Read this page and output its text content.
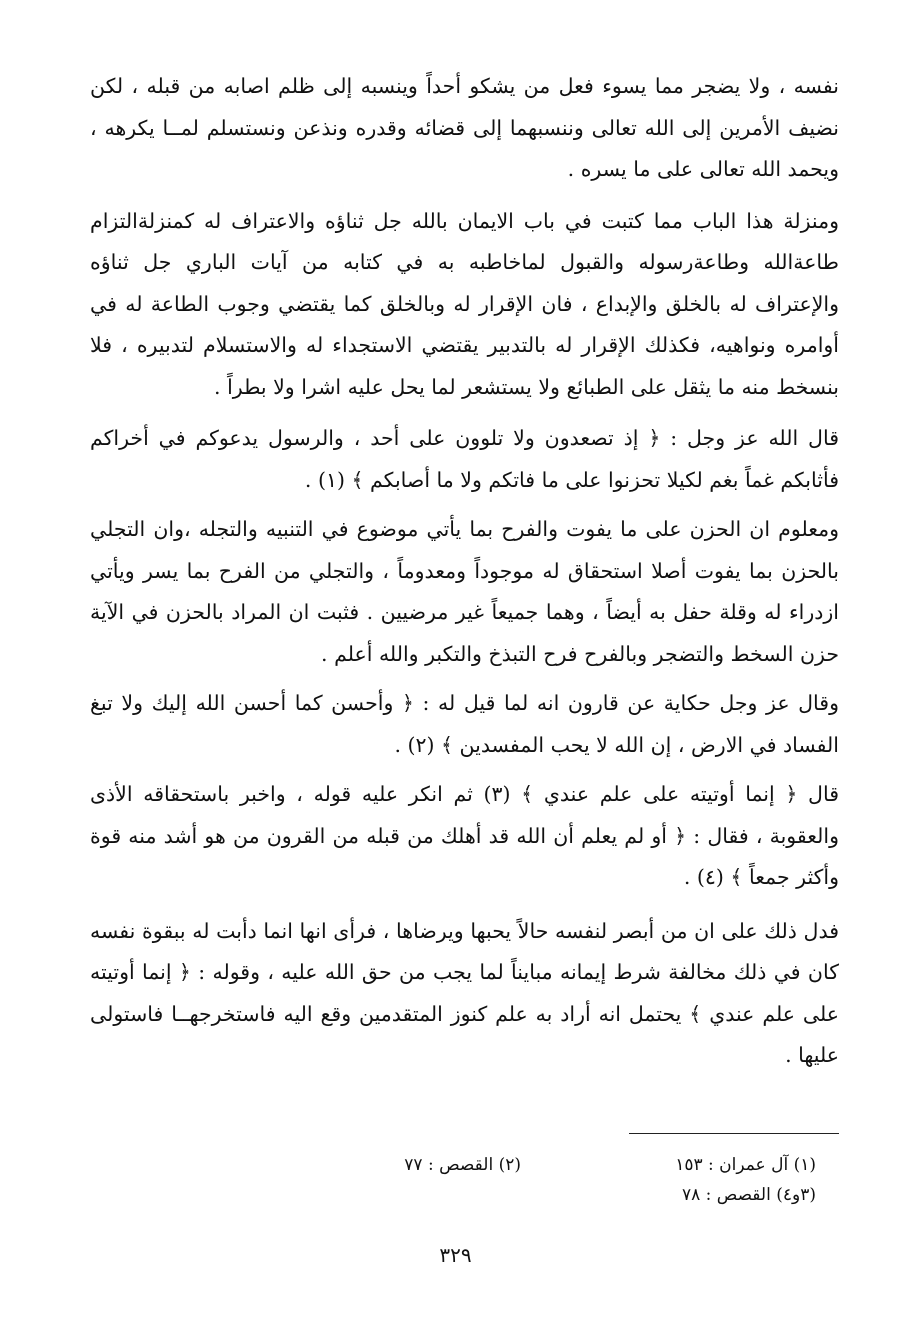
نفسه ، ولا يضجر مما يسوء فعل من يشكو أحداً وينسبه إلى ظلم اصابه من قبله ، لكن نضيف الأمرين إلى الله تعالى وننسبهما إلى قضائه وقدره ونذعن ونستسلم لمــا يكرهه ، ويحمد الله تعالى على ما يسره .

ومنزلة هذا الباب مما كتبت في باب الايمان بالله جل ثناؤه والاعتراف له كمنزلةالتزام طاعةالله وطاعةرسوله والقبول لماخاطبه به في كتابه من آيات الباري جل ثناؤه والإعتراف له بالخلق والإبداع ، فان الإقرار له وبالخلق كما يقتضي وجوب الطاعة له في أوامره ونواهيه، فكذلك الإقرار له بالتدبير يقتضي الاستجداء له والاستسلام لتدبيره ، فلا بنسخط منه ما يثقل على الطبائع ولا يستشعر لما يحل عليه اشرا ولا بطراً .

قال الله عز وجل : ﴿ إذ تصعدون ولا تلوون على أحد ، والرسول يدعوكم في أخراكم فأثابكم غماً بغم لكيلا تحزنوا على ما فاتكم ولا ما أصابكم ﴾ (١) .

ومعلوم ان الحزن على ما يفوت والفرح بما يأتي موضوع في التنبيه والتجله ،وان التجلي بالحزن بما يفوت أصلا استحقاق له موجوداً ومعدوماً ، والتجلي من الفرح بما يسر ويأتي ازدراء له وقلة حفل به أيضاً ، وهما جميعاً غير مرضيين . فثبت ان المراد بالحزن في الآية حزن السخط والتضجر وبالفرح فرح التبذخ والتكبر والله أعلم .

وقال عز وجل حكاية عن قارون انه لما قيل له : ﴿ وأحسن كما أحسن الله إليك ولا تبغ الفساد في الارض ، إن الله لا يحب المفسدين ﴾ (٢) .

قال ﴿ إنما أوتيته على علم عندي ﴾ (٣) ثم انكر عليه قوله ، واخبر باستحقاقه الأذى والعقوبة ، فقال : ﴿ أو لم يعلم أن الله قد أهلك من قبله من القرون من هو أشد منه قوة وأكثر جمعاً ﴾ (٤) .

فدل ذلك على ان من أبصر لنفسه حالاً يحبها ويرضاها ، فرأى انها انما دأبت له ببقوة نفسه كان في ذلك مخالفة شرط إيمانه مبايناً لما يجب من حق الله عليه ، وقوله : ﴿ إنما أوتيته على علم عندي ﴾ يحتمل انه أراد به علم كنوز المتقدمين وقع اليه فاستخرجهــا فاستولى عليها .

(١) آل عمران : ١٥٣
(٢) القصص : ٧٧
(٣و٤) القصص : ٧٨
٣٢٩
